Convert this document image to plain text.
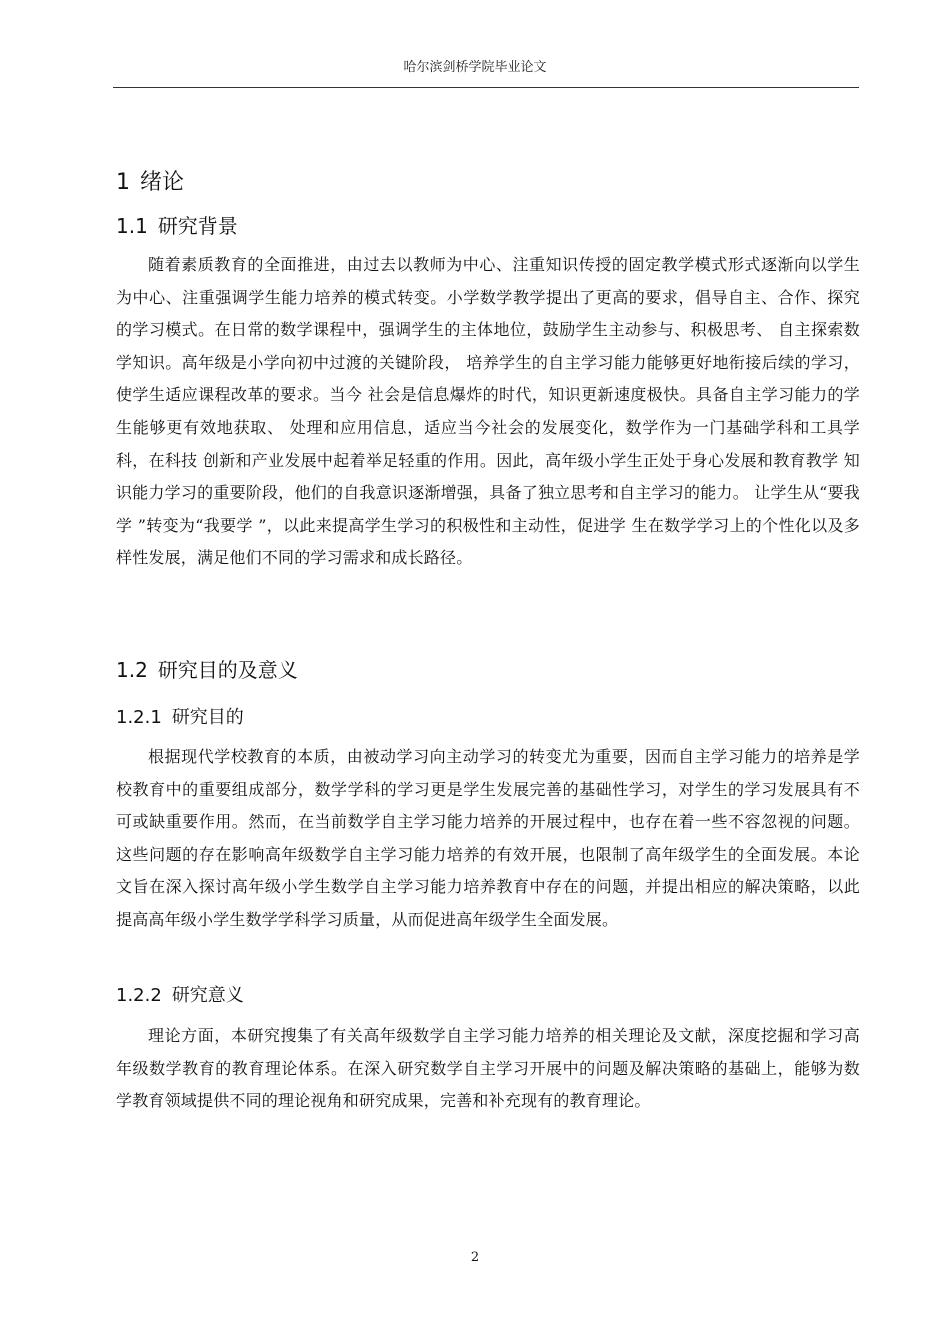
哈尔滨剑桥学院毕业论文
1 绪论
1.1 研究背景
随着素质教育的全面推进，由过去以教师为中心、注重知识传授的固定教学模式形式逐渐向以学生为中心、注重强调学生能力培养的模式转变。小学数学教学提出了更高的要求，倡导自主、合作、探究的学习模式。在日常的数学课程中，强调学生的主体地位，鼓励学生主动参与、积极思考、 自主探索数学知识。高年级是小学向初中过渡的关键阶段， 培养学生的自主学习能力能够更好地衔接后续的学习，使学生适应课程改革的要求。当今 社会是信息爆炸的时代，知识更新速度极快。具备自主学习能力的学生能够更有效地获取、 处理和应用信息，适应当今社会的发展变化，数学作为一门基础学科和工具学科，在科技 创新和产业发展中起着举足轻重的作用。因此，高年级小学生正处于身心发展和教育教学 知识能力学习的重要阶段，他们的自我意识逐渐增强，具备了独立思考和自主学习的能力。 让学生从“要我学 ”转变为“我要学 ”，以此来提高学生学习的积极性和主动性，促进学 生在数学学习上的个性化以及多样性发展，满足他们不同的学习需求和成长路径。
1.2 研究目的及意义
1.2.1 研究目的
根据现代学校教育的本质，由被动学习向主动学习的转变尤为重要，因而自主学习能力的培养是学校教育中的重要组成部分，数学学科的学习更是学生发展完善的基础性学习，对学生的学习发展具有不可或缺重要作用。然而，在当前数学自主学习能力培养的开展过程中，也存在着一些不容忽视的问题。这些问题的存在影响高年级数学自主学习能力培养的有效开展，也限制了高年级学生的全面发展。本论文旨在深入探讨高年级小学生数学自主学习能力培养教育中存在的问题，并提出相应的解决策略，以此提高高年级小学生数学学科学习质量，从而促进高年级学生全面发展。
1.2.2 研究意义
理论方面，本研究搜集了有关高年级数学自主学习能力培养的相关理论及文献，深度挖掘和学习高年级数学教育的教育理论体系。在深入研究数学自主学习开展中的问题及解决策略的基础上，能够为数学教育领域提供不同的理论视角和研究成果，完善和补充现有的教育理论。
2
